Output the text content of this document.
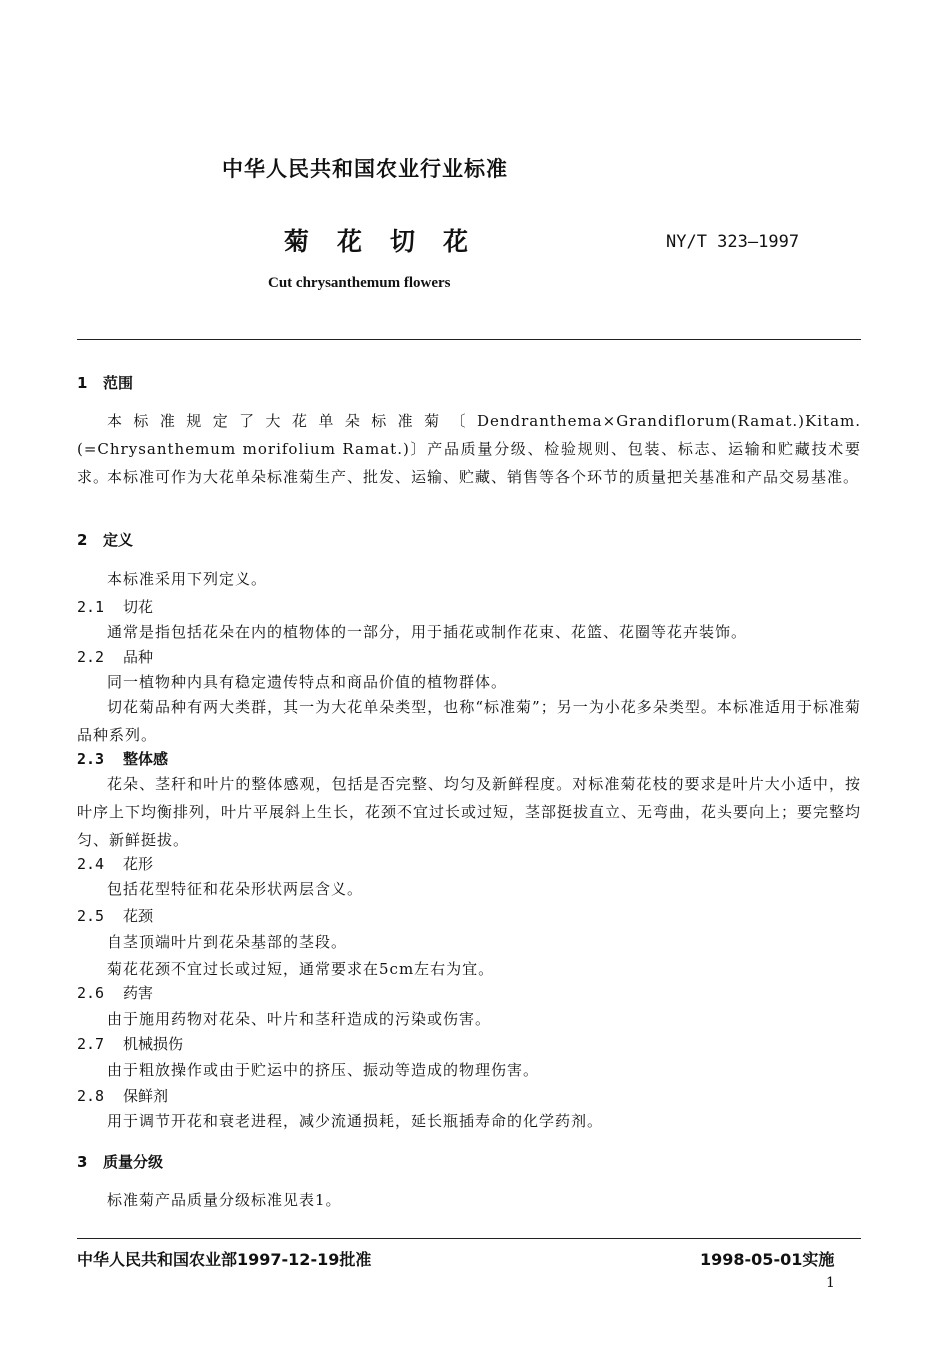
中华人民共和国农业行业标准
菊花切花	NY/T 323—1997
Cut chrysanthemum flowers
1 范围
本标准规定了大花单朵标准菊〔Dendranthema×Grandiflorum(Ramat.)Kitam.(=Chrysanthemum morifolium Ramat.)〕产品质量分级、检验规则、包装、标志、运输和贮藏技术要求。
本标准可作为大花单朵标准菊生产、批发、运输、贮藏、销售等各个环节的质量把关基准和产品交易基准。
2 定义
本标准采用下列定义。
2.1 切花
通常是指包括花朵在内的植物体的一部分，用于插花或制作花束、花篮、花圈等花卉装饰。
2.2 品种
同一植物种内具有稳定遗传特点和商品价值的植物群体。
切花菊品种有两大类群，其一为大花单朵类型，也称“标准菊”；另一为小花多朵类型。本标准适用于标准菊品种系列。
2.3 整体感
花朵、茎秆和叶片的整体感观，包括是否完整、均匀及新鲜程度。对标准菊花枝的要求是叶片大小适中，按叶序上下均衡排列，叶片平展斜上生长，花颈不宜过长或过短，茎部挺拔直立、无弯曲，花头要向上；要完整均匀、新鲜挺拔。
2.4 花形
包括花型特征和花朵形状两层含义。
2.5 花颈
自茎顶端叶片到花朵基部的茎段。
菊花花颈不宜过长或过短，通常要求在5cm左右为宜。
2.6 药害
由于施用药物对花朵、叶片和茎秆造成的污染或伤害。
2.7 机械损伤
由于粗放操作或由于贮运中的挤压、振动等造成的物理伤害。
2.8 保鲜剂
用于调节开花和衰老进程，减少流通损耗，延长瓶插寿命的化学药剂。
3 质量分级
标准菊产品质量分级标准见表1。
中华人民共和国农业部1997-12-19批准	1998-05-01实施
1
